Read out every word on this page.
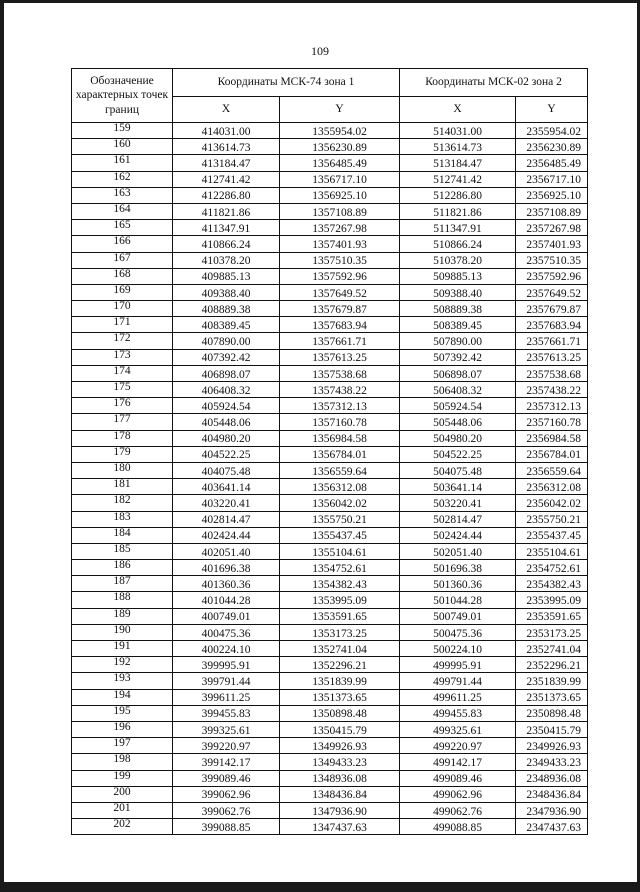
109
Обозначение характерных точек границ	Координаты МСК-74 зона 1		Координаты МСК-02 зона 2	
	X	Y	X	Y
159	414031.00	1355954.02	514031.00	2355954.02
160	413614.73	1356230.89	513614.73	2356230.89
161	413184.47	1356485.49	513184.47	2356485.49
162	412741.42	1356717.10	512741.42	2356717.10
163	412286.80	1356925.10	512286.80	2356925.10
164	411821.86	1357108.89	511821.86	2357108.89
165	411347.91	1357267.98	511347.91	2357267.98
166	410866.24	1357401.93	510866.24	2357401.93
167	410378.20	1357510.35	510378.20	2357510.35
168	409885.13	1357592.96	509885.13	2357592.96
169	409388.40	1357649.52	509388.40	2357649.52
170	408889.38	1357679.87	508889.38	2357679.87
171	408389.45	1357683.94	508389.45	2357683.94
172	407890.00	1357661.71	507890.00	2357661.71
173	407392.42	1357613.25	507392.42	2357613.25
174	406898.07	1357538.68	506898.07	2357538.68
175	406408.32	1357438.22	506408.32	2357438.22
176	405924.54	1357312.13	505924.54	2357312.13
177	405448.06	1357160.78	505448.06	2357160.78
178	404980.20	1356984.58	504980.20	2356984.58
179	404522.25	1356784.01	504522.25	2356784.01
180	404075.48	1356559.64	504075.48	2356559.64
181	403641.14	1356312.08	503641.14	2356312.08
182	403220.41	1356042.02	503220.41	2356042.02
183	402814.47	1355750.21	502814.47	2355750.21
184	402424.44	1355437.45	502424.44	2355437.45
185	402051.40	1355104.61	502051.40	2355104.61
186	401696.38	1354752.61	501696.38	2354752.61
187	401360.36	1354382.43	501360.36	2354382.43
188	401044.28	1353995.09	501044.28	2353995.09
189	400749.01	1353591.65	500749.01	2353591.65
190	400475.36	1353173.25	500475.36	2353173.25
191	400224.10	1352741.04	500224.10	2352741.04
192	399995.91	1352296.21	499995.91	2352296.21
193	399791.44	1351839.99	499791.44	2351839.99
194	399611.25	1351373.65	499611.25	2351373.65
195	399455.83	1350898.48	499455.83	2350898.48
196	399325.61	1350415.79	499325.61	2350415.79
197	399220.97	1349926.93	499220.97	2349926.93
198	399142.17	1349433.23	499142.17	2349433.23
199	399089.46	1348936.08	499089.46	2348936.08
200	399062.96	1348436.84	499062.96	2348436.84
201	399062.76	1347936.90	499062.76	2347936.90
202	399088.85	1347437.63	499088.85	2347437.63
